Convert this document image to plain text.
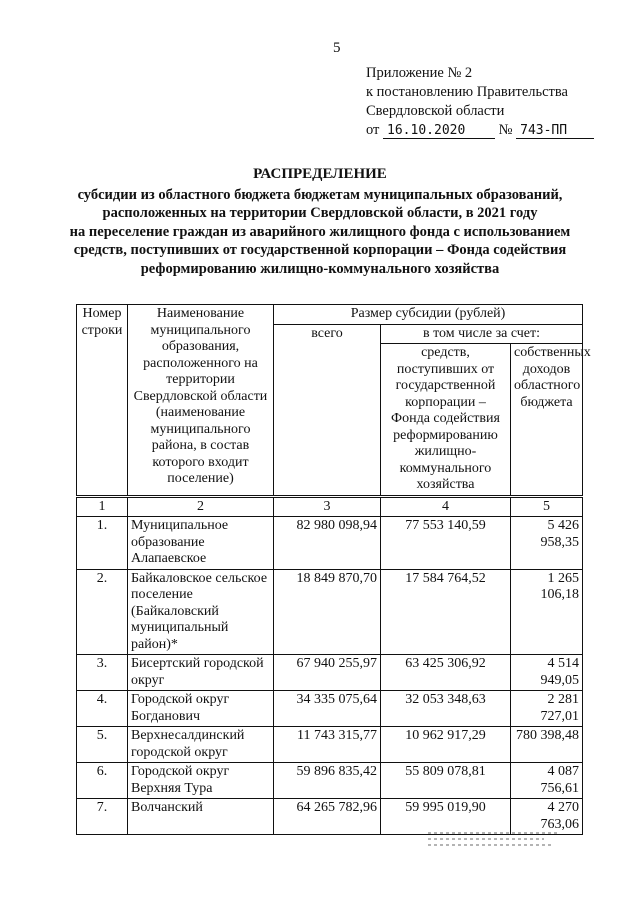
5
Приложение № 2
к постановлению Правительства
Свердловской области
от 16.10.2020 № 743-ПП
РАСПРЕДЕЛЕНИЕ
субсидии из областного бюджета бюджетам муниципальных образований,
расположенных на территории Свердловской области, в 2021 году
на переселение граждан из аварийного жилищного фонда с использованием
средств, поступивших от государственной корпорации – Фонда содействия
реформированию жилищно-коммунального хозяйства
Номер строки	Наименование муниципального образования, расположенного на территории Свердловской области (наименование муниципального района, в состав которого входит поселение)	Размер субсидии (рублей)		
		всего	в том числе за счет:	
			средств, поступивших от государственной корпорации – Фонда содействия реформированию жилищно-коммунального хозяйства	собственных доходов областного бюджета
1	2	3	4	5
1.	Муниципальное образование Алапаевское	82 980 098,94	77 553 140,59	5 426 958,35
2.	Байкаловское сельское поселение (Байкаловский муниципальный район)*	18 849 870,70	17 584 764,52	1 265 106,18
3.	Бисертский городской округ	67 940 255,97	63 425 306,92	4 514 949,05
4.	Городской округ Богданович	34 335 075,64	32 053 348,63	2 281 727,01
5.	Верхнесалдинский городской округ	11 743 315,77	10 962 917,29	780 398,48
6.	Городской округ Верхняя Тура	59 896 835,42	55 809 078,81	4 087 756,61
7.	Волчанский	64 265 782,96	59 995 019,90	4 270 763,06
